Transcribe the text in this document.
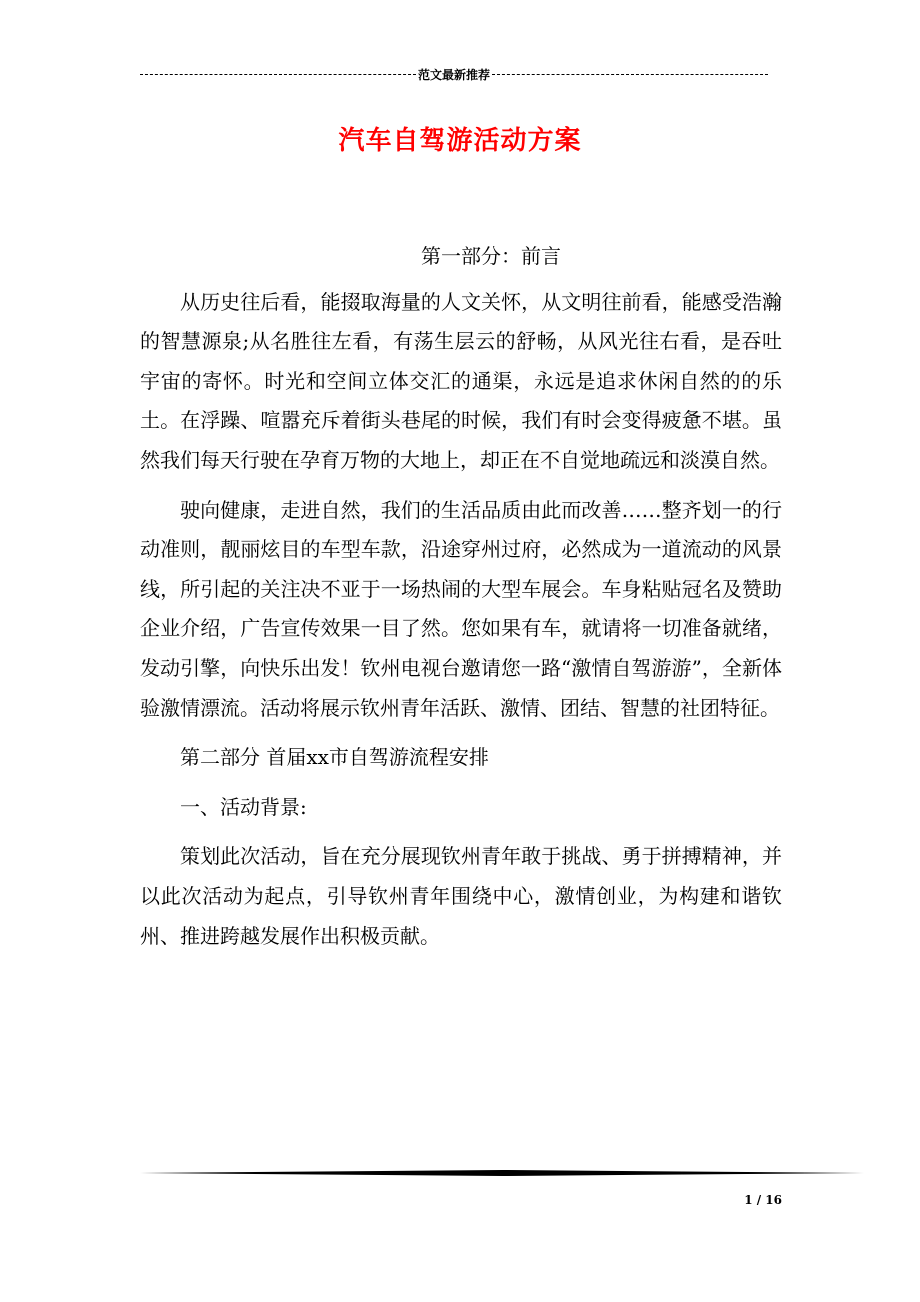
范文最新推荐
汽车自驾游活动方案

第一部分：前言

从历史往后看，能掇取海量的人文关怀，从文明往前看，能感受浩瀚的智慧源泉;从名胜往左看，有荡生层云的舒畅，从风光往右看，是吞吐宇宙的寄怀。时光和空间立体交汇的通渠，永远是追求休闲自然的的乐土。在浮躁、喧嚣充斥着街头巷尾的时候，我们有时会变得疲惫不堪。虽然我们每天行驶在孕育万物的大地上，却正在不自觉地疏远和淡漠自然。

驶向健康，走进自然，我们的生活品质由此而改善……整齐划一的行动准则，靓丽炫目的车型车款，沿途穿州过府，必然成为一道流动的风景线，所引起的关注决不亚于一场热闹的大型车展会。车身粘贴冠名及赞助企业介绍，广告宣传效果一目了然。您如果有车，就请将一切准备就绪，发动引擎，向快乐出发！钦州电视台邀请您一路“激情自驾游游”，全新体验激情漂流。活动将展示钦州青年活跃、激情、团结、智慧的社团特征。

第二部分 首届xx市自驾游流程安排

一、活动背景:

策划此次活动，旨在充分展现钦州青年敢于挑战、勇于拼搏精神，并以此次活动为起点，引导钦州青年围绕中心，激情创业，为构建和谐钦州、推进跨越发展作出积极贡献。

1 / 16
